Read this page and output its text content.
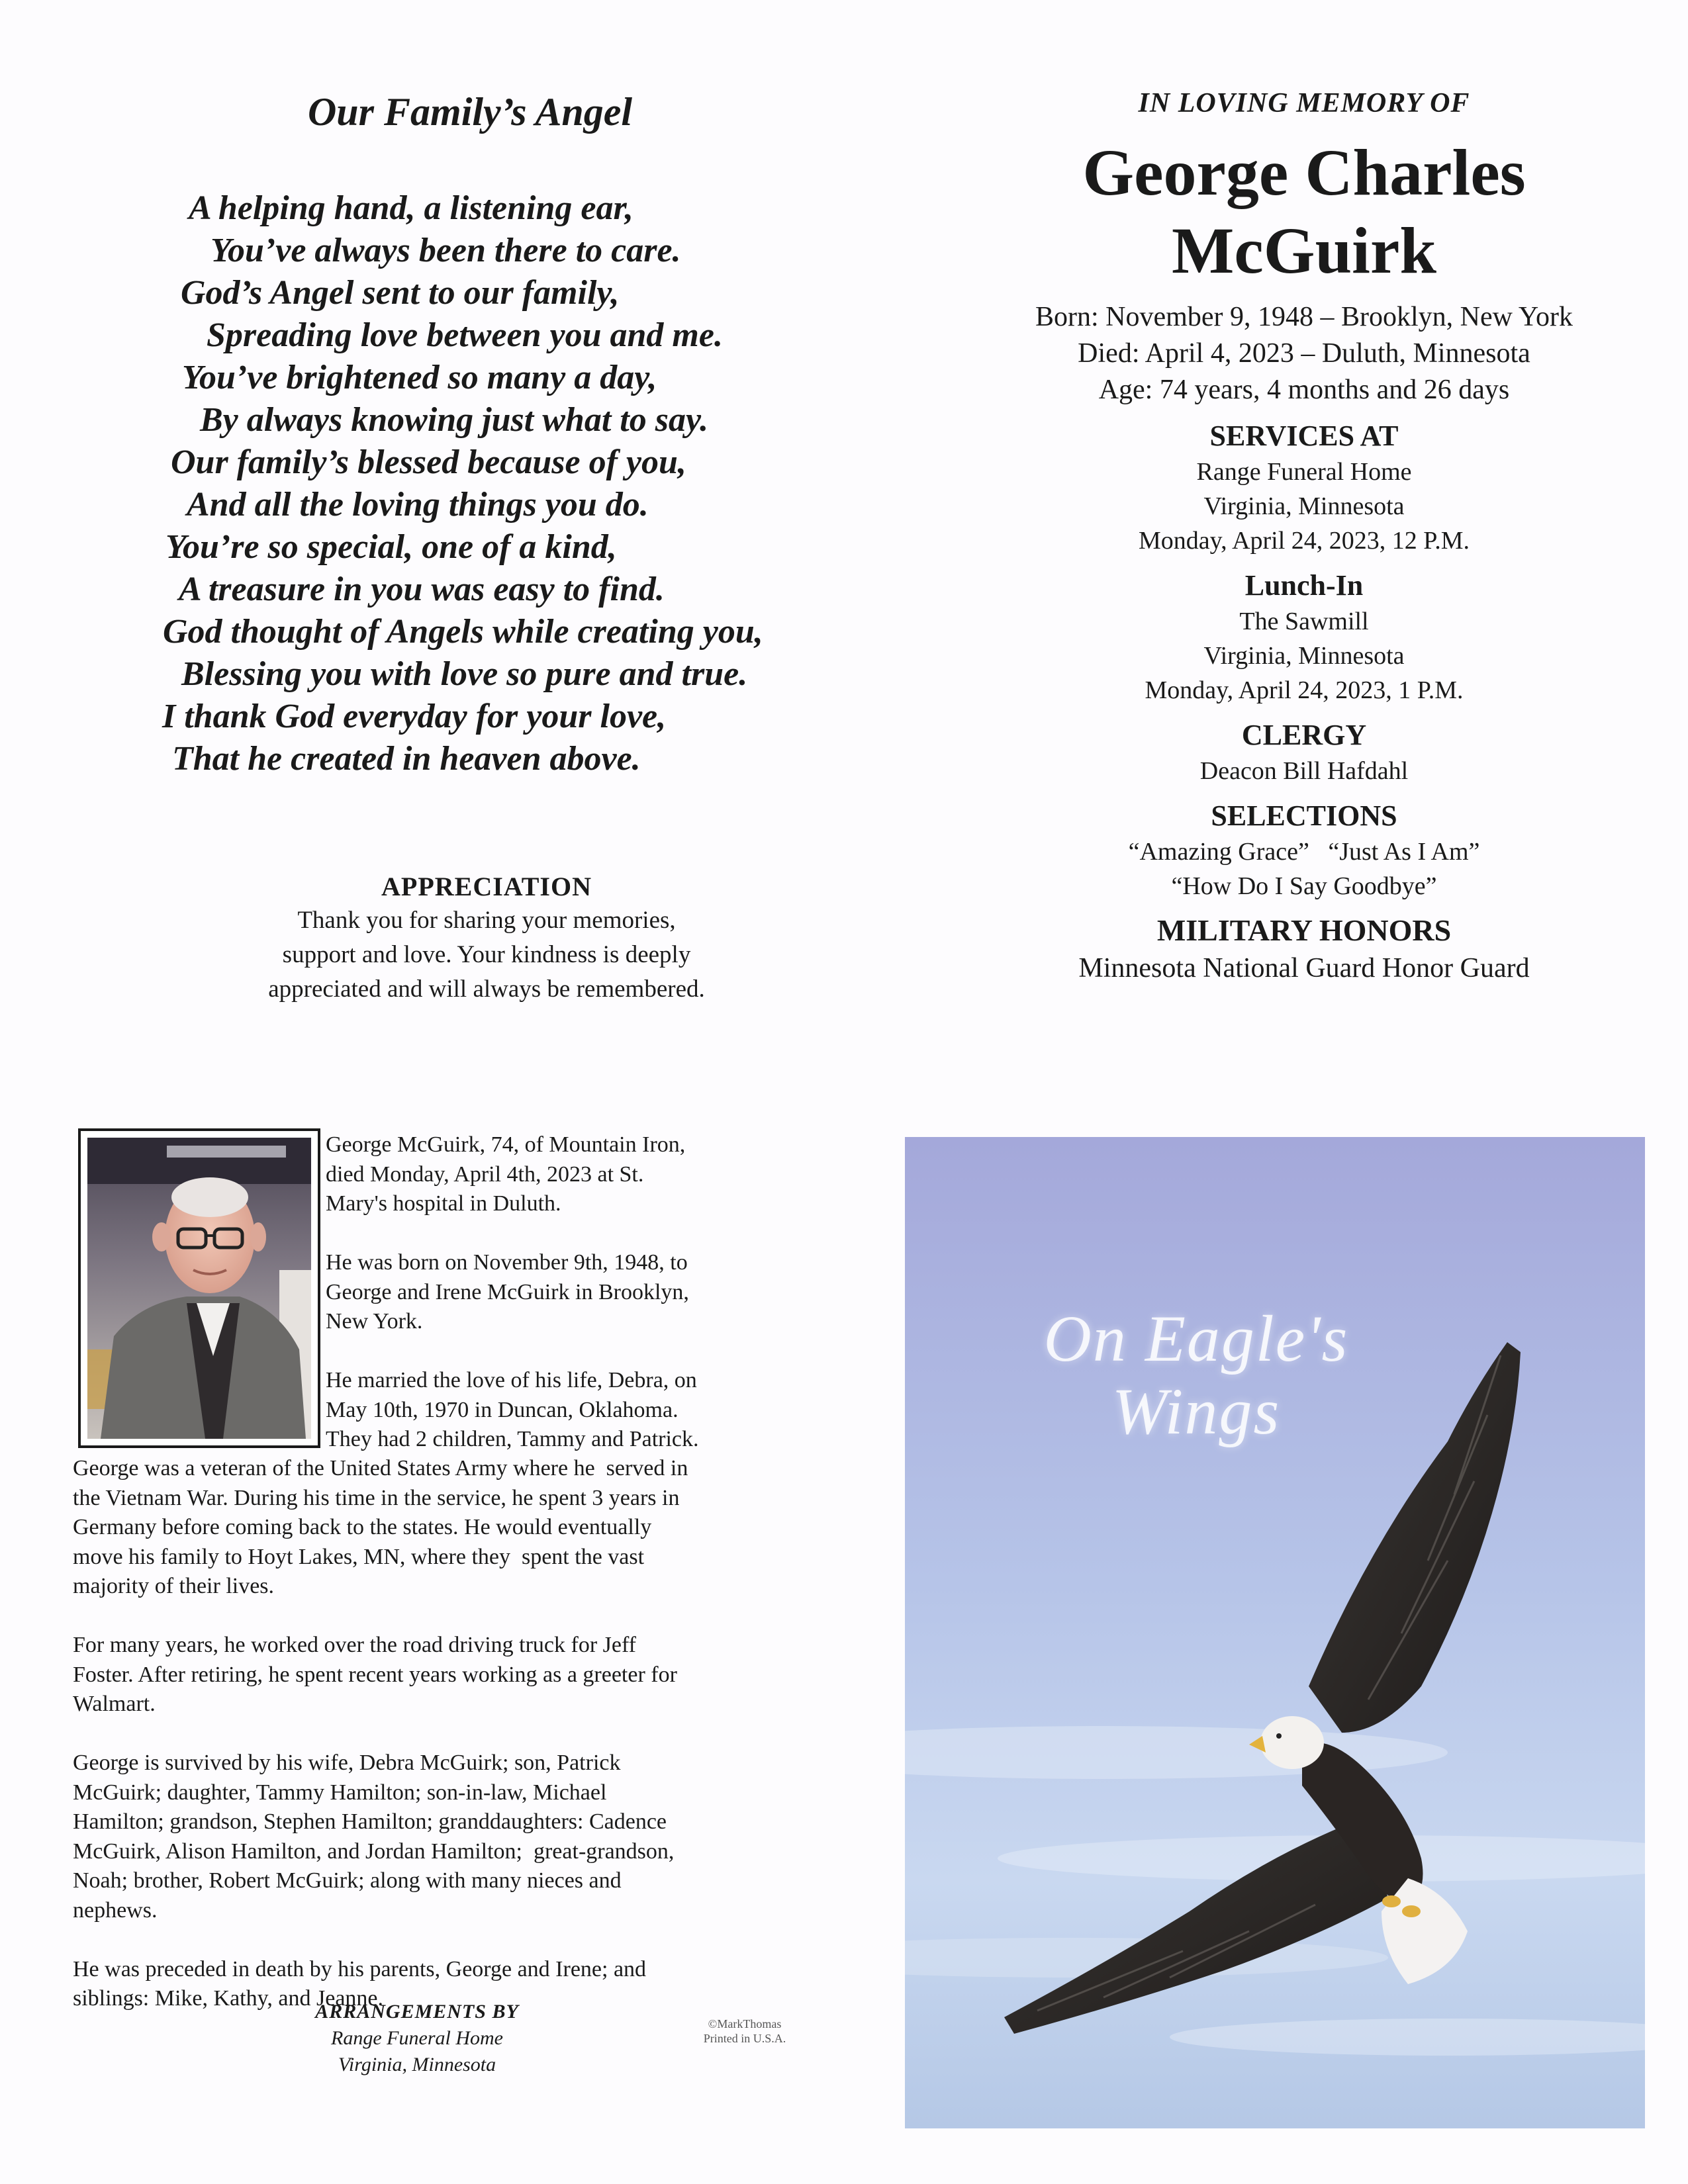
Our Family’s Angel
A helping hand, a listening ear,
You’ve always been there to care.
God’s Angel sent to our family,
Spreading love between you and me.
You’ve brightened so many a day,
By always knowing just what to say.
Our family’s blessed because of you,
And all the loving things you do.
You’re so special, one of a kind,
A treasure in you was easy to find.
God thought of Angels while creating you,
Blessing you with love so pure and true.
I thank God everyday for your love,
That he created in heaven above.
APPRECIATION
Thank you for sharing your memories,
support and love. Your kindness is deeply
appreciated and will always be remembered.
IN LOVING MEMORY OF
George Charles
McGuirk
Born: November 9, 1948 – Brooklyn, New York
Died: April 4, 2023 – Duluth, Minnesota
Age: 74 years, 4 months and 26 days
SERVICES AT
Range Funeral Home
Virginia, Minnesota
Monday, April 24, 2023, 12 P.M.
Lunch-In
The Sawmill
Virginia, Minnesota
Monday, April 24, 2023, 1 P.M.
CLERGY
Deacon Bill Hafdahl
SELECTIONS
“Amazing Grace”   “Just As I Am”
“How Do I Say Goodbye”
MILITARY HONORS
Minnesota National Guard Honor Guard
George McGuirk, 74, of Mountain Iron,
died Monday, April 4th, 2023 at St.
Mary's hospital in Duluth.
He was born on November 9th, 1948, to
George and Irene McGuirk in Brooklyn,
New York.
He married the love of his life, Debra, on
May 10th, 1970 in Duncan, Oklahoma.
They had 2 children, Tammy and Patrick.
George was a veteran of the United States Army where he  served in
the Vietnam War. During his time in the service, he spent 3 years in
Germany before coming back to the states. He would eventually
move his family to Hoyt Lakes, MN, where they  spent the vast
majority of their lives.
For many years, he worked over the road driving truck for Jeff
Foster. After retiring, he spent recent years working as a greeter for
Walmart.
George is survived by his wife, Debra McGuirk; son, Patrick
McGuirk; daughter, Tammy Hamilton; son-in-law, Michael
Hamilton; grandson, Stephen Hamilton; granddaughters: Cadence
McGuirk, Alison Hamilton, and Jordan Hamilton;  great-grandson,
Noah; brother, Robert McGuirk; along with many nieces and
nephews.
He was preceded in death by his parents, George and Irene; and
siblings: Mike, Kathy, and Jeanne.
ARRANGEMENTS BY
Range Funeral Home
Virginia, Minnesota
©MarkThomas
Printed in U.S.A.
On Eagle's
Wings
